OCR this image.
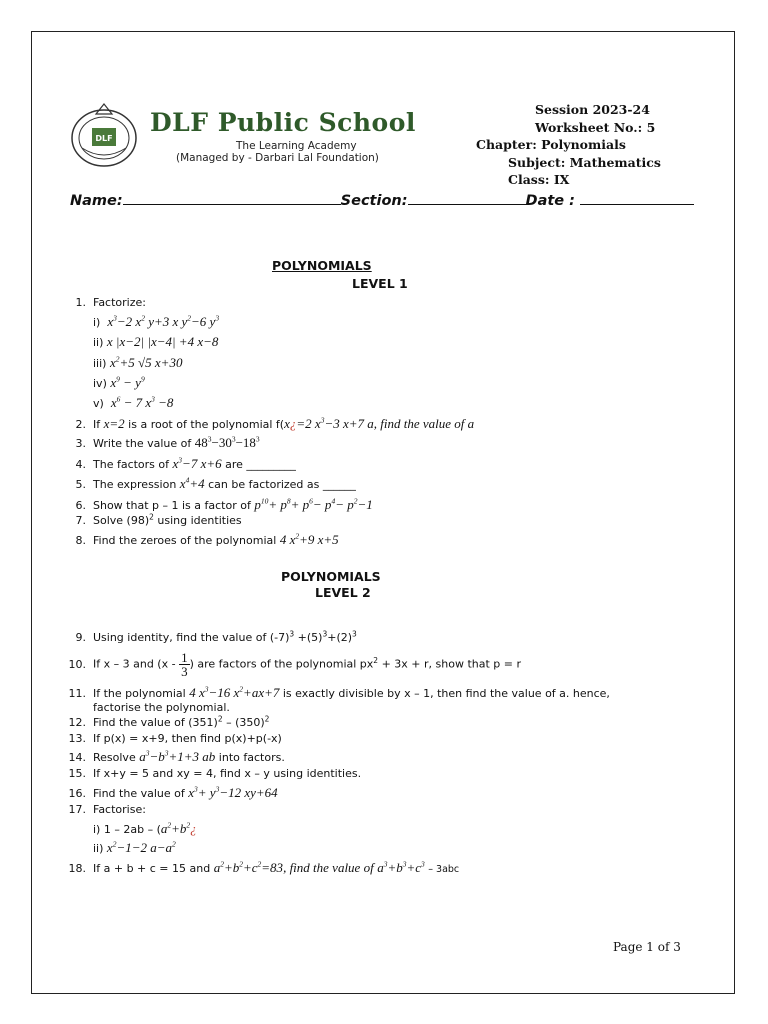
DLF
DLF Public School
The Learning Academy
(Managed by - Darbari Lal Foundation)
Session 2023-24
Worksheet No.: 5
Chapter: Polynomials
Subject: Mathematics
Class: IX
Name:	Section:	Date :
POLYNOMIALS
LEVEL 1
1. Factorize:
i) $x^3-2$ $x^2$ y+3 x $y^2-6$ $y^3$
ii) x |x−2| |x−4| +4 x−8
iii) $x^2+5$ √5 x+30
iv) $x^9 - y^9$
v) $x^6 - 7$ $x^3 -8$
2. If x=2 is a root of the polynomial f(x¿=2 $x^3-3$ x+7 a, find the value of a
3. Write the value of $48^3-30^3-18^3$
4. The factors of $x^3-7$ x+6 are _________
5. The expression $x^4+4$ can be factorized as ______
6. Show that p – 1 is a factor of $p^{10}+ p^8+ p^6- p^4- p^2-1$
7. Solve $(98)^2$ using identities
8. Find the zeroes of the polynomial 4 $x^2+9$ x+5
POLYNOMIALS
LEVEL 2
9. Using identity, find the value of $(-7)^3 +(5)^3+(2)^3$
10. If x – 3 and ($x - \frac{1}{3}$ ) are factors of the polynomial $px^2 + 3x + r$, show that p = r
11. If the polynomial 4 $x^3-16$ $x^2+ax+7$ is exactly divisible by x – 1, then find the value of a. hence,
factorise the polynomial.
12. Find the value of $(351)^2 - (350)^2$
13. If p(x) = x+9, then find p(x)+p(-x)
14. Resolve $a^3-b^3+1+3$ ab into factors.
15. If x+y = 5 and xy = 4, find x – y using identities.
16. Find the value of $x^3+ y^3-12$ xy+64
17. Factorise:
i) $1 - 2ab - (a^2+b^2¿$
ii) $x^2-1-2$ $a-a^2$
18. If a + b + c = 15 and $a^2+b^2+c^2=83$, find the value of $a^3+b^3+c^3 - 3abc$
Page 1 of 3
